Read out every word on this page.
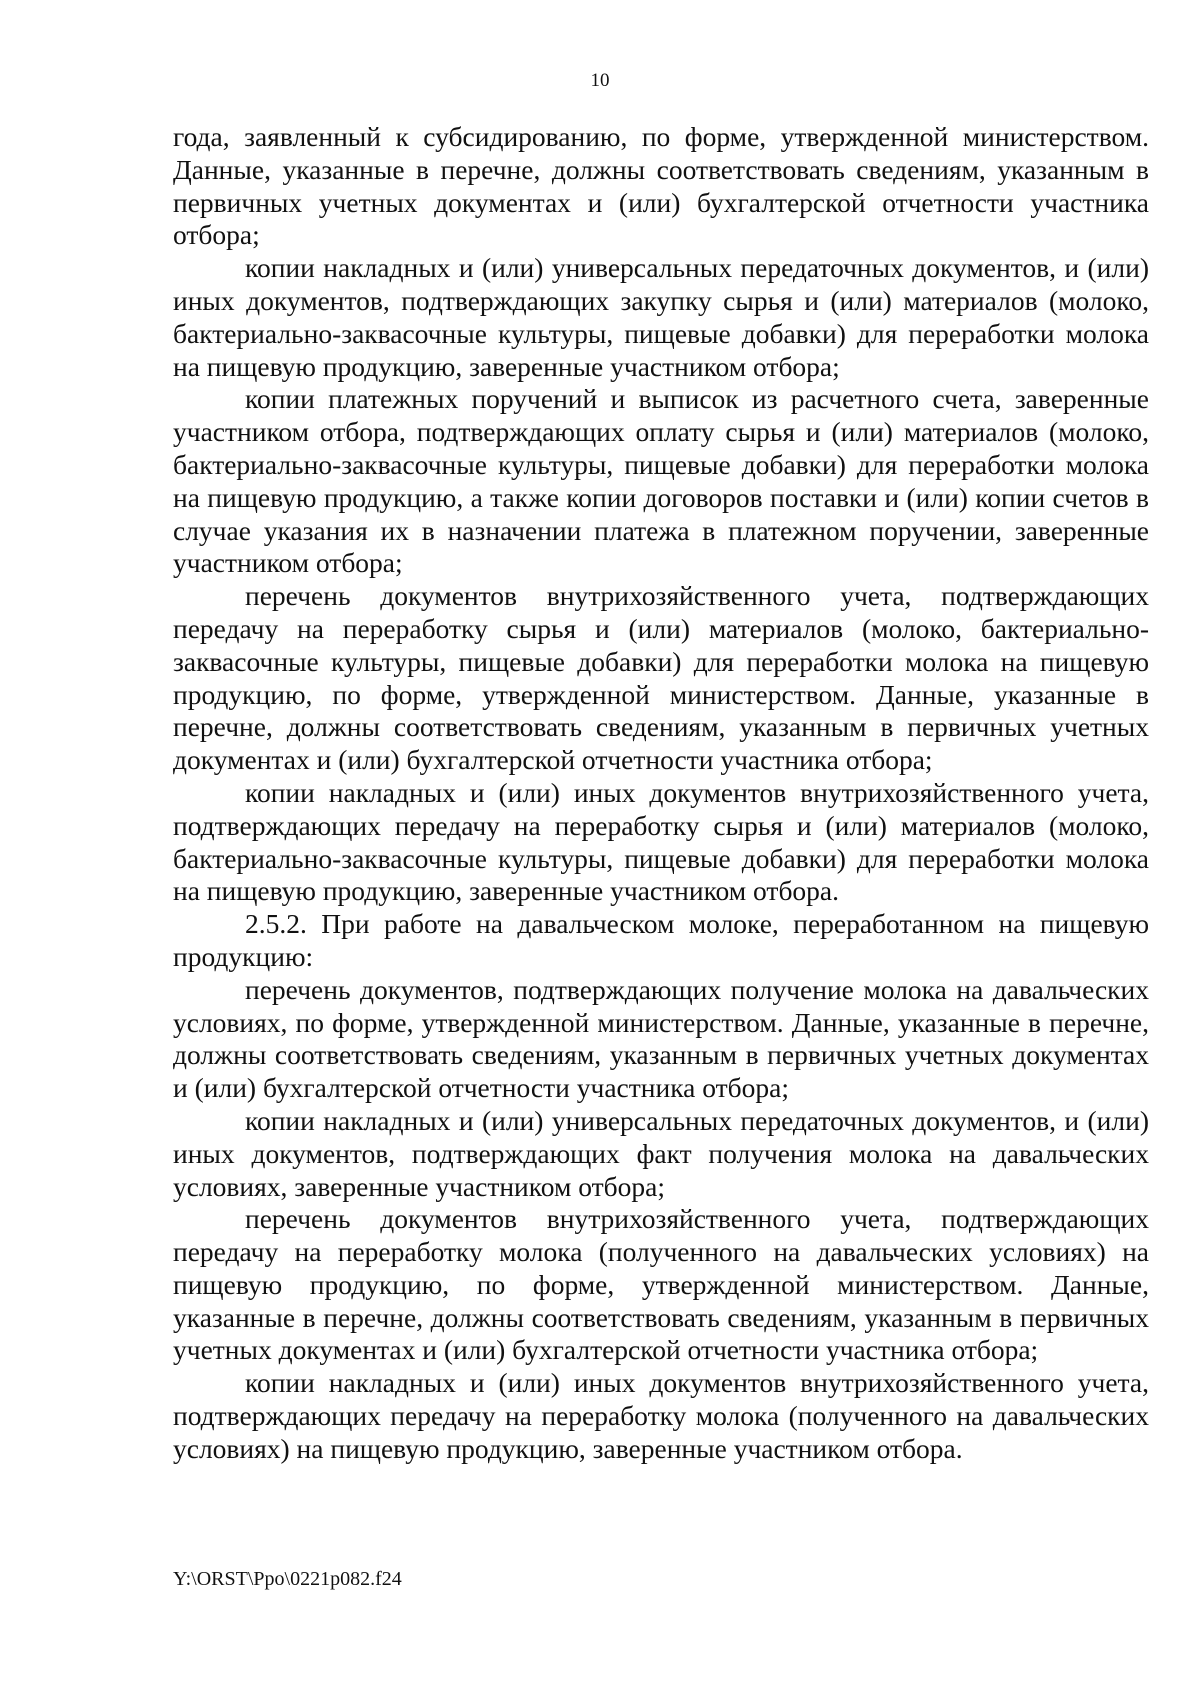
10

года, заявленный к субсидированию, по форме, утвержденной министерством. Данные, указанные в перечне, должны соответствовать сведениям, указанным в первичных учетных документах и (или) бухгалтерской отчетности участника отбора;

копии накладных и (или) универсальных передаточных документов, и (или) иных документов, подтверждающих закупку сырья и (или) материалов (молоко, бактериально-заквасочные культуры, пищевые добавки) для переработки молока на пищевую продукцию, заверенные участником отбора;

копии платежных поручений и выписок из расчетного счета, заверенные участником отбора, подтверждающих оплату сырья и (или) материалов (молоко, бактериально-заквасочные культуры, пищевые добавки) для переработки молока на пищевую продукцию, а также копии договоров поставки и (или) копии счетов в случае указания их в назначении платежа в платежном поручении, заверенные участником отбора;

перечень документов внутрихозяйственного учета, подтверждающих передачу на переработку сырья и (или) материалов (молоко, бактериально-заквасочные культуры, пищевые добавки) для переработки молока на пищевую продукцию, по форме, утвержденной министерством. Данные, указанные в перечне, должны соответствовать сведениям, указанным в первичных учетных документах и (или) бухгалтерской отчетности участника отбора;

копии накладных и (или) иных документов внутрихозяйственного учета, подтверждающих передачу на переработку сырья и (или) материалов (молоко, бактериально-заквасочные культуры, пищевые добавки) для переработки молока на пищевую продукцию, заверенные участником отбора.

2.5.2. При работе на давальческом молоке, переработанном на пищевую продукцию:

перечень документов, подтверждающих получение молока на давальческих условиях, по форме, утвержденной министерством. Данные, указанные в перечне, должны соответствовать сведениям, указанным в первичных учетных документах и (или) бухгалтерской отчетности участника отбора;

копии накладных и (или) универсальных передаточных документов, и (или) иных документов, подтверждающих факт получения молока на давальческих условиях, заверенные участником отбора;

перечень документов внутрихозяйственного учета, подтверждающих передачу на переработку молока (полученного на давальческих условиях) на пищевую продукцию, по форме, утвержденной министерством. Данные, указанные в перечне, должны соответствовать сведениям, указанным в первичных учетных документах и (или) бухгалтерской отчетности участника отбора;

копии накладных и (или) иных документов внутрихозяйственного учета, подтверждающих передачу на переработку молока (полученного на давальческих условиях) на пищевую продукцию, заверенные участником отбора.

Y:\ORST\Ppo\0221p082.f24
